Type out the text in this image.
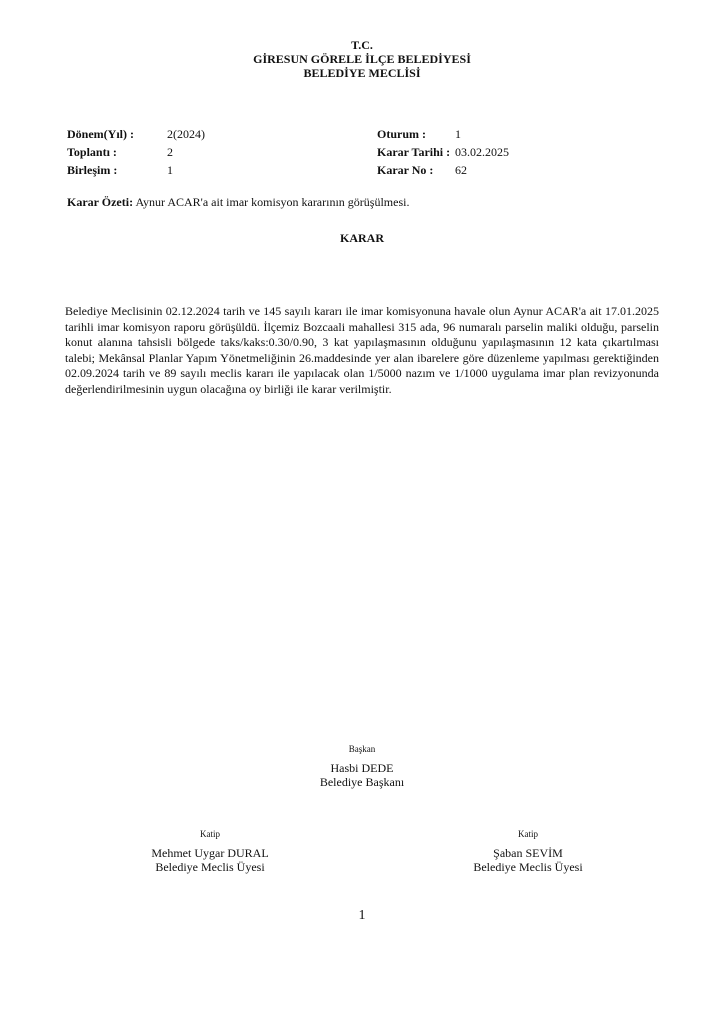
T.C.
GİRESUN GÖRELE İLÇE BELEDİYESİ
BELEDİYE MECLİSİ
Dönem(Yıl) :	2(2024)	Oturum : 1
Toplantı :	2	Karar Tarihi : 03.02.2025
Birleşim :	1	Karar No : 62
Karar Özeti: Aynur ACAR'a ait imar komisyon kararının görüşülmesi.
KARAR
Belediye Meclisinin 02.12.2024 tarih ve 145 sayılı kararı ile imar komisyonuna havale olun Aynur ACAR'a ait 17.01.2025 tarihli imar komisyon raporu görüşüldü. İlçemiz Bozcaali mahallesi 315 ada, 96 numaralı parselin maliki olduğu, parselin konut alanına tahsisli bölgede taks/kaks:0.30/0.90, 3 kat yapılaşmasının olduğunu yapılaşmasının 12 kata çıkartılması talebi; Mekânsal Planlar Yapım Yönetmeliğinin 26.maddesinde yer alan ibarelere göre düzenleme yapılması gerektiğinden 02.09.2024 tarih ve 89 sayılı meclis kararı ile yapılacak olan 1/5000 nazım ve 1/1000 uygulama imar plan revizyonunda değerlendirilmesinin uygun olacağına oy birliği ile karar verilmiştir.
Başkan
Hasbi DEDE
Belediye Başkanı
Katip
Mehmet Uygar DURAL
Belediye Meclis Üyesi
Katip
Şaban SEVİM
Belediye Meclis Üyesi
1
